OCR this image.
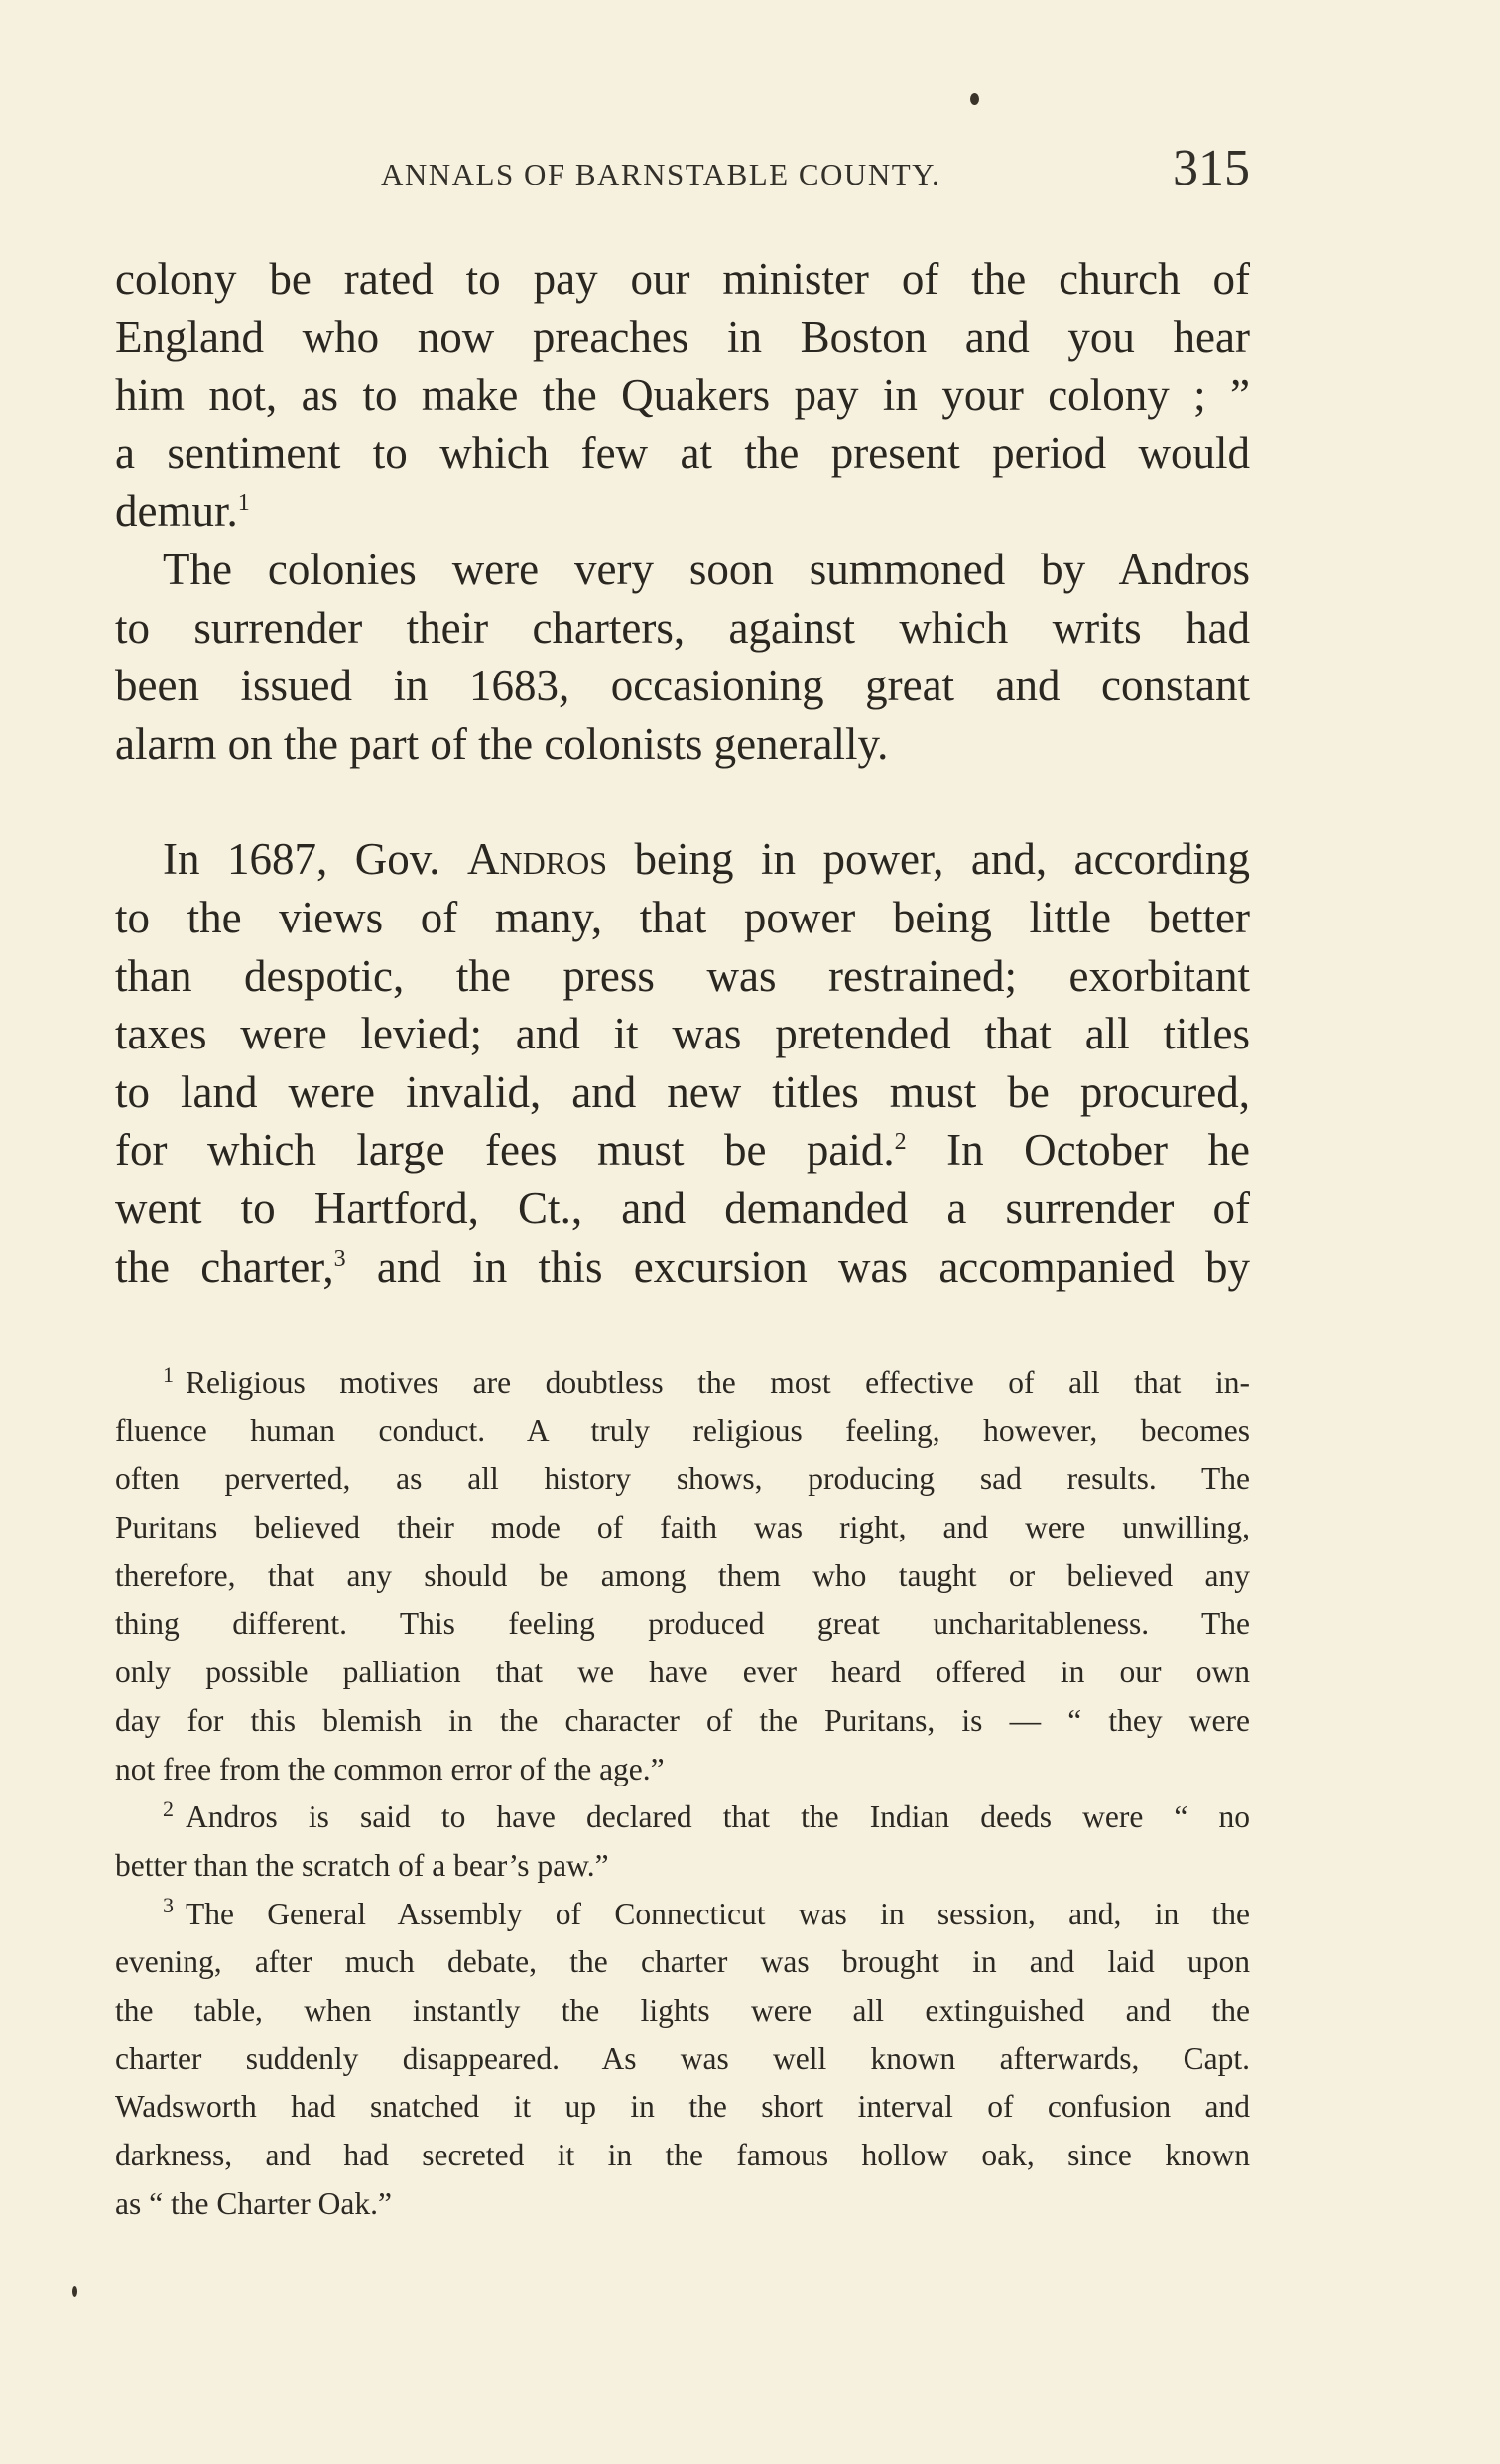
ANNALS OF BARNSTABLE COUNTY.	315
colony be rated to pay our minister of the church of
England who now preaches in Boston and you hear
him not, as to make the Quakers pay in your colony ; ”
a sentiment to which few at the present period would
demur.$^1$
The colonies were very soon summoned by Andros
to surrender their charters, against which writs had
been issued in 1683, occasioning great and constant
alarm on the part of the colonists generally.
In 1687, Gov. Andros being in power, and, according
to the views of many, that power being little better
than despotic, the press was restrained; exorbitant
taxes were levied; and it was pretended that all titles
to land were invalid, and new titles must be procured,
for which large fees must be paid.$^2$ In October he
went to Hartford, Ct., and demanded a surrender of
the charter,$^3$ and in this excursion was accompanied by
$^1$ Religious motives are doubtless the most effective of all that in-
fluence human conduct. A truly religious feeling, however, becomes
often perverted, as all history shows, producing sad results. The
Puritans believed their mode of faith was right, and were unwilling,
therefore, that any should be among them who taught or believed any
thing different. This feeling produced great uncharitableness. The
only possible palliation that we have ever heard offered in our own
day for this blemish in the character of the Puritans, is — “ they were
not free from the common error of the age.”
$^2$ Andros is said to have declared that the Indian deeds were “ no
better than the scratch of a bear’s paw.”
$^3$ The General Assembly of Connecticut was in session, and, in the
evening, after much debate, the charter was brought in and laid upon
the table, when instantly the lights were all extinguished and the
charter suddenly disappeared. As was well known afterwards, Capt.
Wadsworth had snatched it up in the short interval of confusion and
darkness, and had secreted it in the famous hollow oak, since known
as “ the Charter Oak.”
